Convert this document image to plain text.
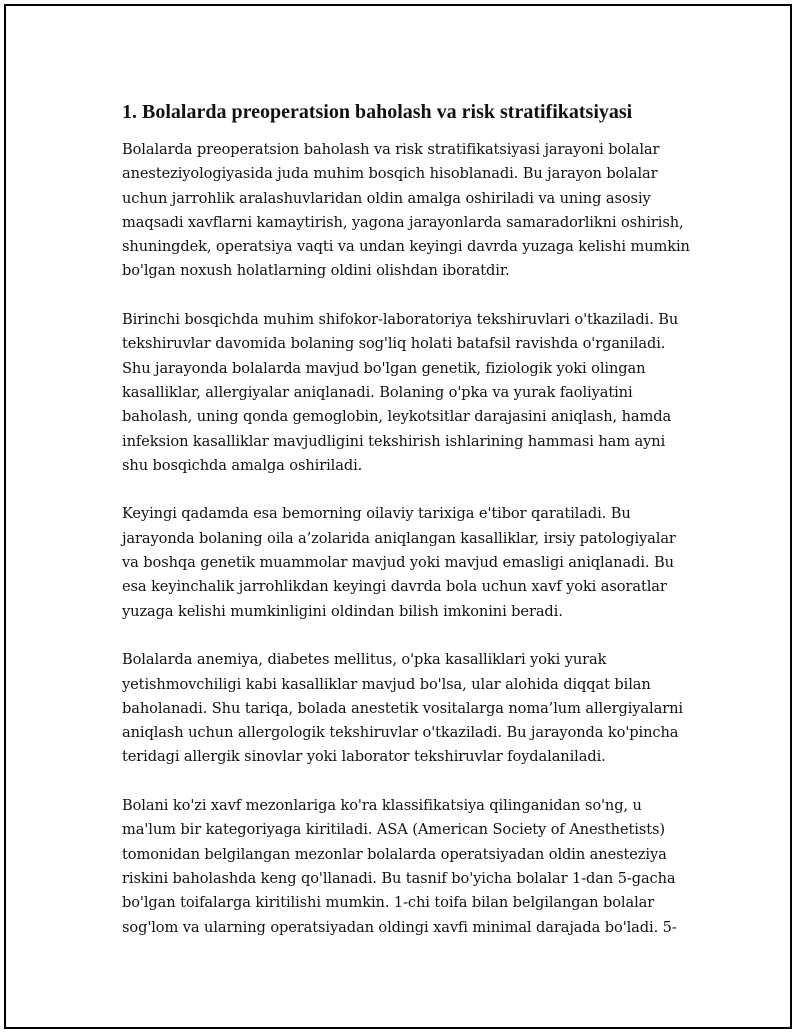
1. Bolalarda preoperatsion baholash va risk stratifikatsiyasi

Bolalarda preoperatsion baholash va risk stratifikatsiyasi jarayoni bolalar anesteziyologiyasida juda muhim bosqich hisoblanadi. Bu jarayon bolalar uchun jarrohlik aralashuvlaridan oldin amalga oshiriladi va uning asosiy maqsadi xavflarni kamaytirish, yagona jarayonlarda samaradorlikni oshirish, shuningdek, operatsiya vaqti va undan keyingi davrda yuzaga kelishi mumkin bo'lgan noxush holatlarning oldini olishdan iboratdir.

Birinchi bosqichda muhim shifokor-laboratoriya tekshiruvlari o'tkaziladi. Bu tekshiruvlar davomida bolaning sog'liq holati batafsil ravishda o'rganiladi. Shu jarayonda bolalarda mavjud bo'lgan genetik, fiziologik yoki olingan kasalliklar, allergiyalar aniqlanadi. Bolaning o'pka va yurak faoliyatini baholash, uning qonda gemoglobin, leykotsitlar darajasini aniqlash, hamda infeksion kasalliklar mavjudligini tekshirish ishlarining hammasi ham ayni shu bosqichda amalga oshiriladi.

Keyingi qadamda esa bemorning oilaviy tarixiga e'tibor qaratiladi. Bu jarayonda bolaning oila a’zolarida aniqlangan kasalliklar, irsiy patologiyalar va boshqa genetik muammolar mavjud yoki mavjud emasligi aniqlanadi. Bu esa keyinchalik jarrohlikdan keyingi davrda bola uchun xavf yoki asoratlar yuzaga kelishi mumkinligini oldindan bilish imkonini beradi.

Bolalarda anemiya, diabetes mellitus, o'pka kasalliklari yoki yurak yetishmovchiligi kabi kasalliklar mavjud bo'lsa, ular alohida diqqat bilan baholanadi. Shu tariqa, bolada anestetik vositalarga noma’lum allergiyalarni aniqlash uchun allergologik tekshiruvlar o'tkaziladi. Bu jarayonda ko'pincha teridagi allergik sinovlar yoki laborator tekshiruvlar foydalaniladi.

Bolani ko'zi xavf mezonlariga ko'ra klassifikatsiya qilinganidan so'ng, u ma'lum bir kategoriyaga kiritiladi. ASA (American Society of Anesthetists) tomonidan belgilangan mezonlar bolalarda operatsiyadan oldin anesteziya riskini baholashda keng qo'llanadi. Bu tasnif bo'yicha bolalar 1-dan 5-gacha bo'lgan toifalarga kiritilishi mumkin. 1-chi toifa bilan belgilangan bolalar sog'lom va ularning operatsiyadan oldingi xavfi minimal darajada bo'ladi. 5-
